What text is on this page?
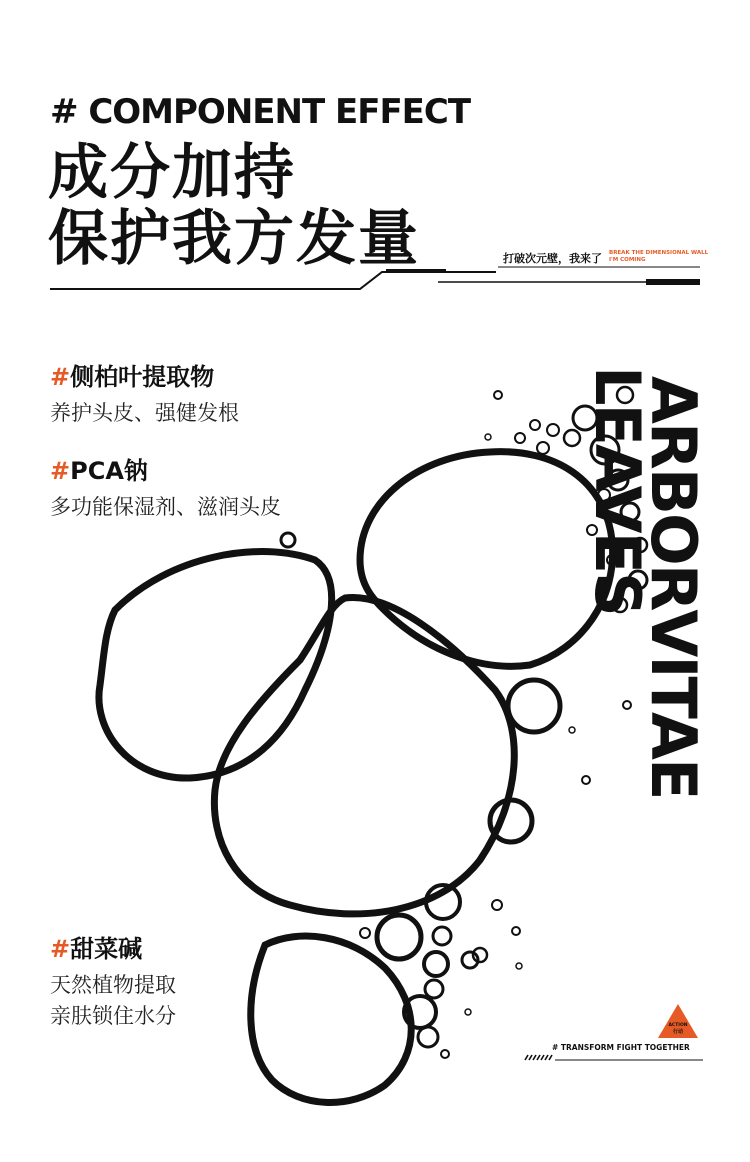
# COMPONENT EFFECT
成分加持
保护我方发量	打破次元壁，我来了 BREAK THE DIMENSIONAL WALL
I'M COMING
#侧柏叶提取物
养护头皮、强健发根
#PCA钠
多功能保湿剂、滋润头皮
#甜菜碱
天然植物提取
亲肤锁住水分
ARBORVITAE
LEAVES
ACTION
行动
# TRANSFORM FIGHT TOGETHER
